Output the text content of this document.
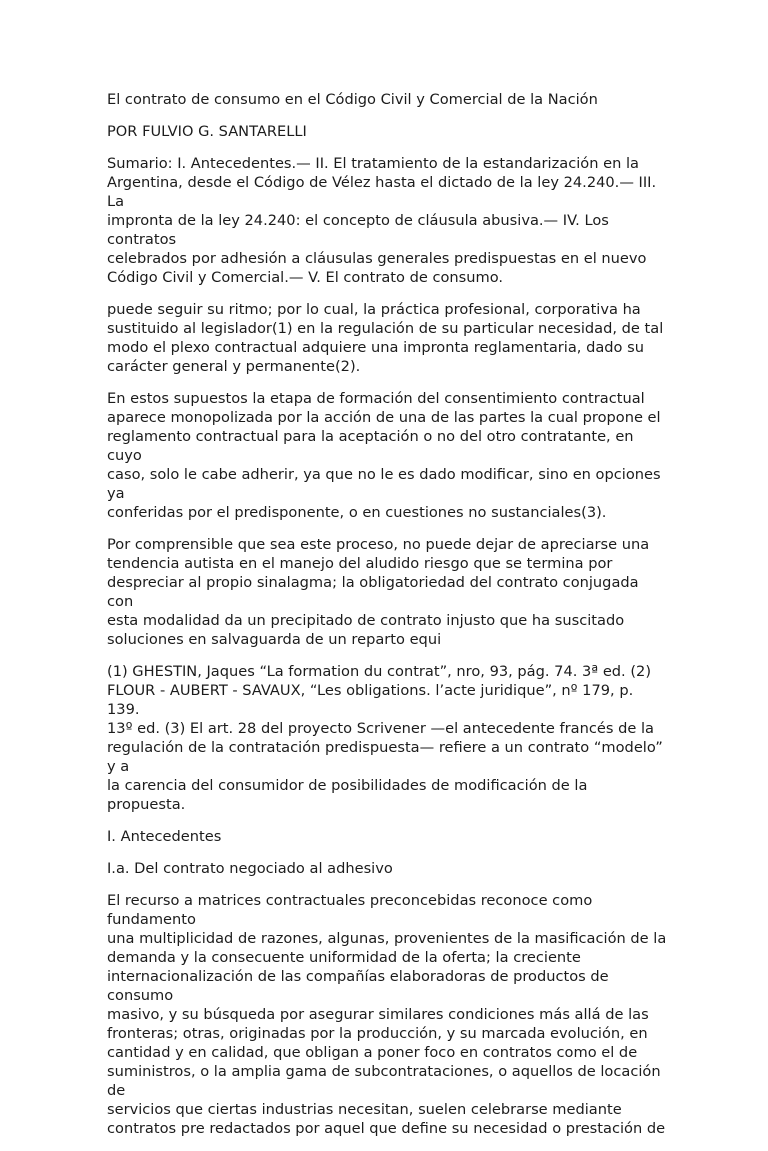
El contrato de consumo en el Código Civil y Comercial de la Nación

POR FULVIO G. SANTARELLI

Sumario: I. Antecedentes.— II. El tratamiento de la estandarización en la
Argentina, desde el Código de Vélez hasta el dictado de la ley 24.240.— III. La
impronta de la ley 24.240: el concepto de cláusula abusiva.— IV. Los contratos
celebrados por adhesión a cláusulas generales predispuestas en el nuevo
Código Civil y Comercial.— V. El contrato de consumo.

puede seguir su ritmo; por lo cual, la práctica profesional, corporativa ha
sustituido al legislador(1) en la regulación de su particular necesidad, de tal
modo el plexo contractual adquiere una impronta reglamentaria, dado su
carácter general y permanente(2).

En estos supuestos la etapa de formación del consentimiento contractual
aparece monopolizada por la acción de una de las partes la cual propone el
reglamento contractual para la aceptación o no del otro contratante, en cuyo
caso, solo le cabe adherir, ya que no le es dado modificar, sino en opciones ya
conferidas por el predisponente, o en cuestiones no sustanciales(3).

Por comprensible que sea este proceso, no puede dejar de apreciarse una
tendencia autista en el manejo del aludido riesgo que se termina por
despreciar al propio sinalagma; la obligatoriedad del contrato conjugada con
esta modalidad da un precipitado de contrato injusto que ha suscitado
soluciones en salvaguarda de un reparto equi

(1) GHESTIN, Jaques “La formation du contrat”, nro, 93, pág. 74. 3ª ed. (2)
FLOUR - AUBERT - SAVAUX, “Les obligations. l’acte juridique”, nº 179, p. 139.
13º ed. (3) El art. 28 del proyecto Scrivener —el antecedente francés de la
regulación de la contratación predispuesta— refiere a un contrato “modelo” y a
la carencia del consumidor de posibilidades de modificación de la propuesta.

I. Antecedentes

I.a. Del contrato negociado al adhesivo

El recurso a matrices contractuales preconcebidas reconoce como fundamento
una multiplicidad de razones, algunas, provenientes de la masificación de la
demanda y la consecuente uniformidad de la oferta; la creciente
internacionalización de las compañías elaboradoras de productos de consumo
masivo, y su búsqueda por asegurar similares condiciones más allá de las
fronteras; otras, originadas por la producción, y su marcada evolución, en
cantidad y en calidad, que obligan a poner foco en contratos como el de
suministros, o la amplia gama de subcontrataciones, o aquellos de locación de
servicios que ciertas industrias necesitan, suelen celebrarse mediante
contratos pre redactados por aquel que define su necesidad o prestación de
